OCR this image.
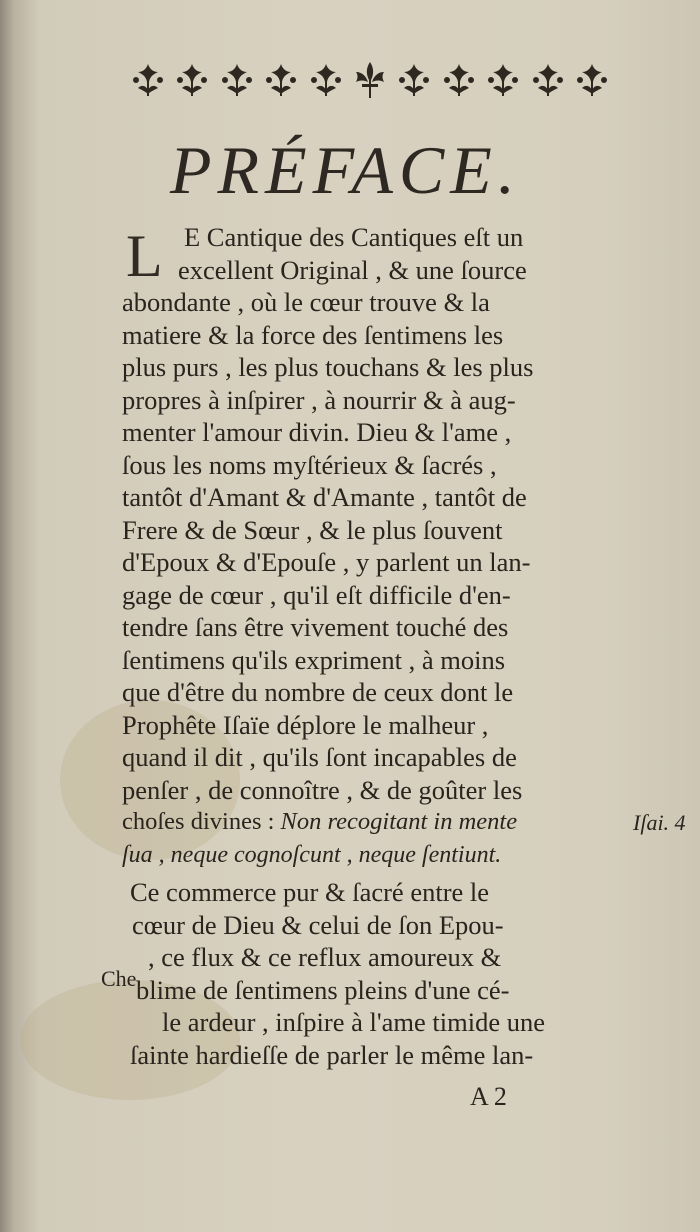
PRÉFACE.
L E Cantique des Cantiques eſt un
excellent Original , & une ſource
abondante , où le cœur trouve & la
matiere & la force des ſentimens les
plus purs , les plus touchans & les plus
propres à inſpirer , à nourrir & à aug-
menter l'amour divin. Dieu & l'ame ,
ſous les noms myſtérieux & ſacrés ,
tantôt d'Amant & d'Amante , tantôt de
Frere & de Sœur , & le plus ſouvent
d'Epoux & d'Epouſe , y parlent un lan-
gage de cœur , qu'il eſt difficile d'en-
tendre ſans être vivement touché des
ſentimens qu'ils expriment , à moins
que d'être du nombre de ceux dont le
Prophête Iſaïe déplore le malheur ,
quand il dit , qu'ils ſont incapables de
penſer , de connoître , & de goûter les
choſes divines : Non recogitant in mente
ſua , neque cognoſcunt , neque ſentiunt.
Iſai. 4
Ce commerce pur & ſacré entre le
cœur de Dieu & celui de ſon Epou-
, ce flux & ce reflux amoureux &
blime de ſentimens pleins d'une cé-
le ardeur , inſpire à l'ame timide une
ſainte hardieſſe de parler le même lan-
Che
A 2
